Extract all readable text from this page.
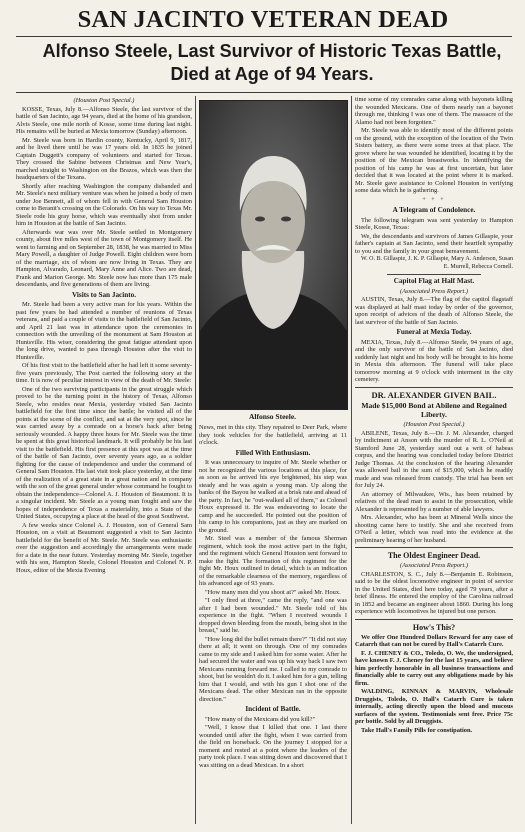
SAN JACINTO VETERAN DEAD
Alfonso Steele, Last Survivor of Historic Texas Battle, Died at Age of 94 Years.

(Houston Post Special.)

KOSSE, Texas, July 8.—Alfonso Steele, the last survivor of the battle of San Jacinto, age 94 years, died at the home of his grandson, Alvis Steele, one mile north of Kosse, some time during last night. His remains will be buried at Mexia tomorrow (Sunday) afternoon.

Mr. Steele was born in Hardin county, Kentucky, April 9, 1817, and he lived there until he was 17 years old. In 1835 he joined Captain Duggett's company of volunteers and started for Texas. They crossed the Sabine between Christmas and New Year's, marched straight to Washington on the Brazos, which was then the headquarters of the Texans.

Shortly after reaching Washington the company disbanded and Mr. Steele's next military venture was when he joined a body of men under Joe Bennett, all of whom fell in with General Sam Houston come to Beranit's crossing on the Colorado. On his way to Texas Mr. Steele rode his gray horse, which was eventually shot from under him in Houston at the battle of San Jacinto.

Afterwards war was over Mr. Steele settled in Montgomery county, about five miles west of the town of Montgomery itself. He went to farming and on September 28, 1838, he was married to Miss Mary Powell, a daughter of Judge Powell. Eight children were born of the marriage, six of whom are now living in Texas. They are Hampton, Alvarado, Leonard, Mary Anne and Alice. Two are dead, Frank and Marion George. Mr. Steele now has more than 175 male descendants, and five generations of them are living.

Visits to San Jacinto.

Mr. Steele had been a very active man for his years. Within the past few years he had attended a number of reunions of Texas veterans, and paid a couple of visits to the battlefield of San Jacinto, and April 21 last was in attendance upon the ceremonies in connection with the unveiling of the monument at Sam Houston at Huntsville. His wiser, considering the great fatigue attendant upon the long drive, wanted to pass through Houston after the visit to Huntsville.

Of his first visit to the battlefield after he had left it some seventy-five years previously, The Post carried the following story at the time. It is now of peculiar interest in view of the death of Mr. Steele:

One of the two surviving participants in the great struggle which proved to be the turning point in the history of Texas, Alfonso Steele, who resides near Mexia, yesterday visited San Jacinto battlefield for the first time since the battle; he visited all of the points at the scene of the conflict, and sat at the very spot, since he was carried away by a comrade on a horse's back after being seriously wounded. A happy three hours for Mr. Steele was the time he spent at this great historical landmark. It will probably be his last visit to the battlefield. His first presence at this spot was at the time of the battle of San Jacinto, over seventy years ago, as a soldier fighting for the cause of independence and under the command of General Sam Houston. His last visit took place yesterday, at the time of the realization of a great state in a great nation and in company with the son of the great general under whose command he fought to obtain the independence—Colonel A. J. Houston of Beaumont. It is a singular incident. Mr. Steele as a young man fought and saw the hopes of independence of Texas a materiality, into a State of the United States, occupying a place at the head of the great Southwest.

A few weeks since Colonel A. J. Houston, son of General Sam Houston, on a visit at Beaumont suggested a visit to San Jacinto battlefield for the benefit of Mr. Steele. Mr. Steele was enthusiastic over the suggestion and accordingly the arrangements were made for a date in the near future. Yesterday morning Mr. Steele, together with his son, Hampton Steele, Colonel Houston and Colonel N. P. Houx, editor of the Mexia Evening

Alfonso Steele.

News, met in this city. They repaired to Deer Park, where they took vehicles for the battlefield, arriving at 11 o'clock.

Filled With Enthusiasm.

It was unnecessary to inquire of Mr. Steele whether or not he recognized the various locations at this place, for as soon as he arrived his eye brightened, his step was steady and he was again a young man. Up along the banks of the Bayou he walked at a brisk rate and ahead of the party. In fact, he "out-walked all of them," as Colonel Houx expressed it. He was endeavoring to locate the camp and he succeeded. He pointed out the position of his camp to his companions, just as they are marked on the ground.

Mr. Steel was a member of the famous Sherman regiment, which took the most active part in the fight, and the regiment which General Houston sent forward to make the fight. The formation of this regiment for the fight Mr. Houx outlined in detail, which is an indication of the remarkable clearness of the memory, regardless of his advanced age of 93 years.

"How many men did you shoot at?" asked Mr. Houx.

"I only fired at three," came the reply, "and one was after I had been wounded." Mr. Steele told of his experience in the fight. "When I received wounds I dropped down bleeding from the mouth, being shot in the breast," said he.

"How long did the bullet remain there?" "It did not stay there at all; it went on through. One of my comrades came to my side and I asked him for some water. After he had secured the water and was up his way back I saw two Mexicans running forward me. I called to my comrade to shoot, but he wouldn't do it. I asked him for a gun, telling him that I would, and with his gun I shot one of the Mexicans dead. The other Mexican ran in the opposite direction."

Incident of Battle.

"How many of the Mexicans did you kill?"

"Well, I know that I killed that one. I last there wounded until after the fight, when I was carried from the field on horseback. On the journey I stopped for a moment and rested at a point where the leaders of the party took place. I was sitting down and discovered that I was sitting on a dead Mexican. In a short

time some of my comrades came along with bayonets killing the wounded Mexicans. One of them nearly ran a bayonet through me, thinking I was one of them. The massacre of the Alamo had not been forgotten."

Mr. Steele was able to identify most of the different points on the ground, with the exception of the location of the Twin Sisters battery, as there were some trees at that place. The grove where he was wounded he identified, locating it by the position of the Mexican breastworks. In identifying the position of his camp he was at first uncertain, but later decided that it was located at the point where it is marked. Mr. Steele gave assistance to Colonel Houston in verifying some data which he is gathering.

+ + +

A Telegram of Condolence.

The following telegram was sent yesterday to Hampton Steele, Kosse, Texas:

We, the descendants and survivors of James Gillaspie, your father's captain at San Jacinto, send their heartfelt sympathy to you and the family in your great bereavement.

W. O. B. Gillaspie, J. K. P. Gillaspie, Mary A. Anderson, Susan E. Murrell, Rebecca Cornell.

Capitol Flag at Half Mast.

(Associated Press Report.)

AUSTIN, Texas, July 8.—The flag of the capitol flagstaff was displayed at half mast today by order of the governor, upon receipt of advices of the death of Alfonso Steele, the last survivor of the battle of San Jacinto.

Funeral at Mexia Today.

MEXIA, Texas, July 8.—Alfonso Steele, 94 years of age, and the only survivor of the battle of San Jacinto, died suddenly last night and his body will be brought to his home in Mexia this afternoon. The funeral will take place tomorrow morning at 9 o'clock with interment in the city cemetery.

DR. ALEXANDER GIVEN BAIL.

Made $15,000 Bond at Abilene and Regained Liberty.

(Houston Post Special.)

ABILENE, Texas, July 8.—Dr. J. M. Alexander, charged by indictment at Anson with the murder of R. L. O'Neil at Stamford June 28, yesterday sued out a writ of habeas corpus, and the hearing was concluded today before District Judge Thomas. At the conclusion of the hearing Alexander was allowed bail in the sum of $15,000, which he readily made and was released from custody. The trial has been set for July 24.

An attorney of Milwaukee, Wis., has been retained by relatives of the dead man to assist in the prosecution, while Alexander is represented by a number of able lawyers.

Mrs. Alexander, who has been at Mineral Wells since the shooting came here to testify. She and she received from O'Neil a letter, which was read into the evidence at the preliminary hearing of her husband.

The Oldest Engineer Dead.

(Associated Press Report.)

CHARLESTON, S. C., July 8.—Benjamin E. Robinson, said to be the oldest locomotive engineer in point of service in the United States, died here today, aged 79 years, after a brief illness. He entered the employ of the Carolina railroad in 1852 and became an engineer about 1860. During his long experience with locomotives he injured but one person.

How's This?

We offer One Hundred Dollars Reward for any case of Catarrh that can not be cured by Hall's Catarrh Cure.

F. J. CHENEY & CO., Toledo, O. We, the undersigned, have known F. J. Cheney for the last 15 years, and believe him perfectly honorable in all business transactions and financially able to carry out any obligations made by his firm.

WALDING, KINNAN & MARVIN, Wholesale Druggists, Toledo, O. Hall's Catarrh Cure is taken internally, acting directly upon the blood and mucous surfaces of the system. Testimonials sent free. Price 75c per bottle. Sold by all Druggists.

Take Hall's Family Pills for constipation.
